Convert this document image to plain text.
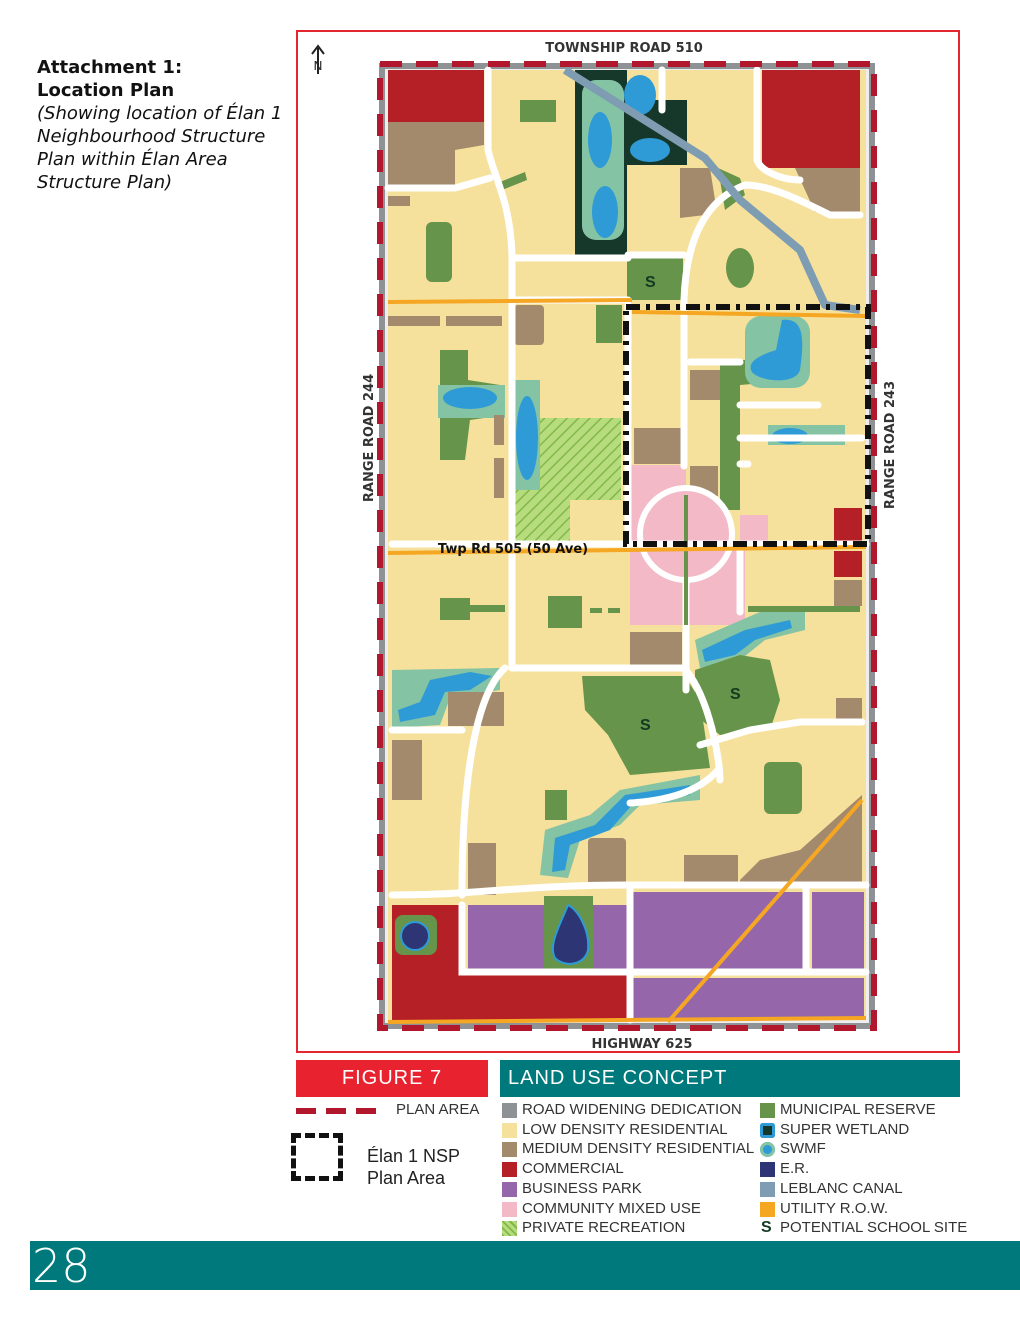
Attachment 1:
Location Plan
(Showing location of Élan 1 Neighbourhood Structure Plan within Élan Area Structure Plan)
S
S
S
TOWNSHIP ROAD 510
HIGHWAY 625
RANGE ROAD 244	RANGE ROAD 243
Twp Rd 505 (50 Ave)
N
FIGURE 7	LAND USE CONCEPT
PLAN AREA
Élan 1 NSP Plan Area
ROAD WIDENING DEDICATION
LOW DENSITY RESIDENTIAL
MEDIUM DENSITY RESIDENTIAL
COMMERCIAL
BUSINESS PARK
COMMUNITY MIXED USE
PRIVATE RECREATION
MUNICIPAL RESERVE
SUPER WETLAND
SWMF
E.R.
LEBLANC CANAL
UTILITY R.O.W.
S POTENTIAL SCHOOL SITE
28
